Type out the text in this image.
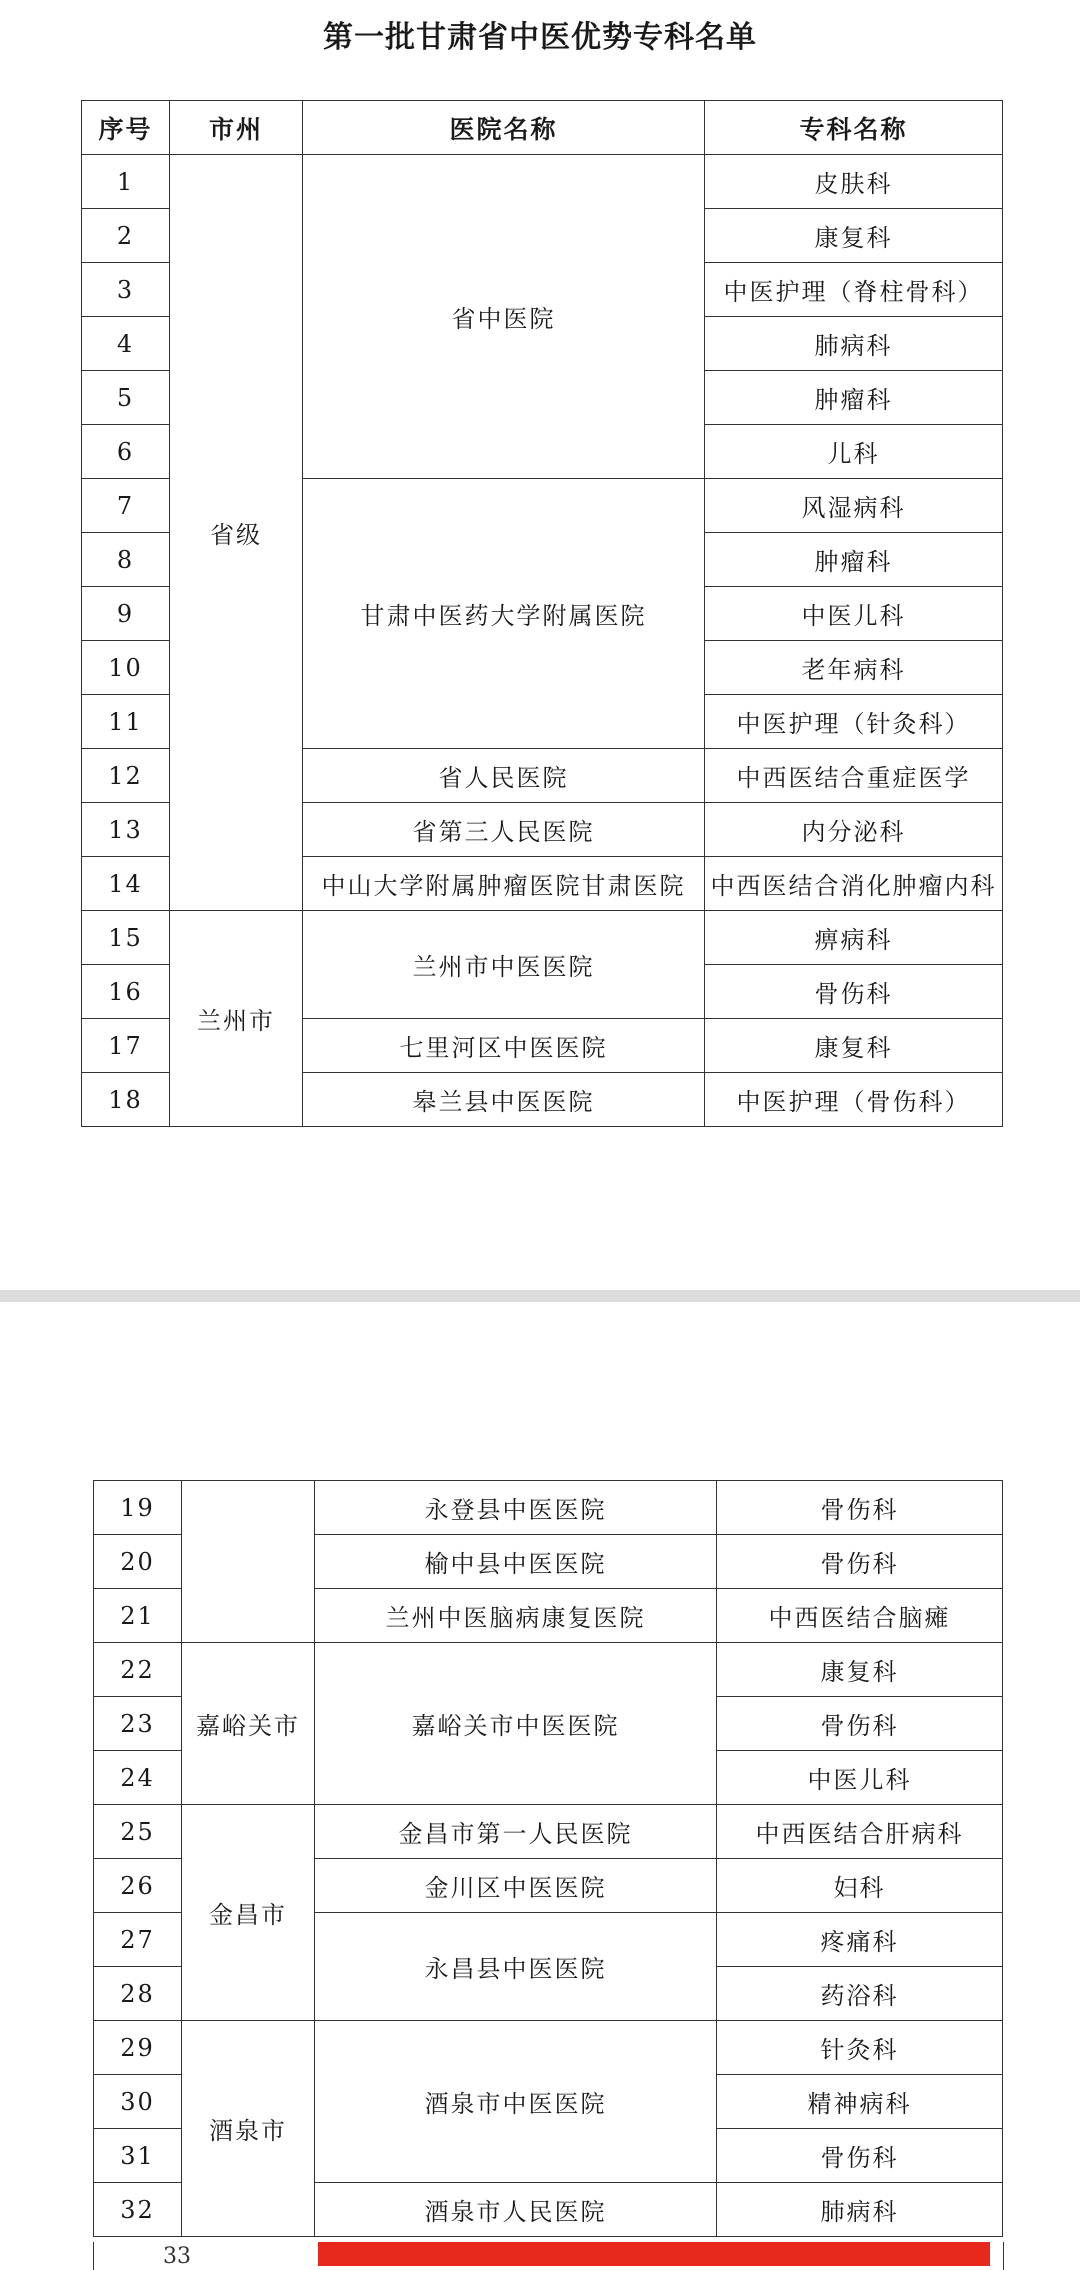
第一批甘肃省中医优势专科名单
序号	市州	医院名称	专科名称
1	省级	省中医院	皮肤科
2			康复科
3			中医护理（脊柱骨科）
4			肺病科
5			肿瘤科
6			儿科
7		甘肃中医药大学附属医院	风湿病科
8			肿瘤科
9			中医儿科
10			老年病科
11			中医护理（针灸科）
12		省人民医院	中西医结合重症医学
13		省第三人民医院	内分泌科
14		中山大学附属肿瘤医院甘肃医院	中西医结合消化肿瘤内科
15	兰州市	兰州市中医医院	痹病科
16			骨伤科
17		七里河区中医医院	康复科
18		皋兰县中医医院	中医护理（骨伤科）
19		永登县中医医院	骨伤科
20		榆中县中医医院	骨伤科
21		兰州中医脑病康复医院	中西医结合脑瘫
22	嘉峪关市	嘉峪关市中医医院	康复科
23			骨伤科
24			中医儿科
25	金昌市	金昌市第一人民医院	中西医结合肝病科
26		金川区中医医院	妇科
27		永昌县中医医院	疼痛科
28			药浴科
29	酒泉市	酒泉市中医医院	针灸科
30			精神病科
31			骨伤科
32		酒泉市人民医院	肺病科
33
